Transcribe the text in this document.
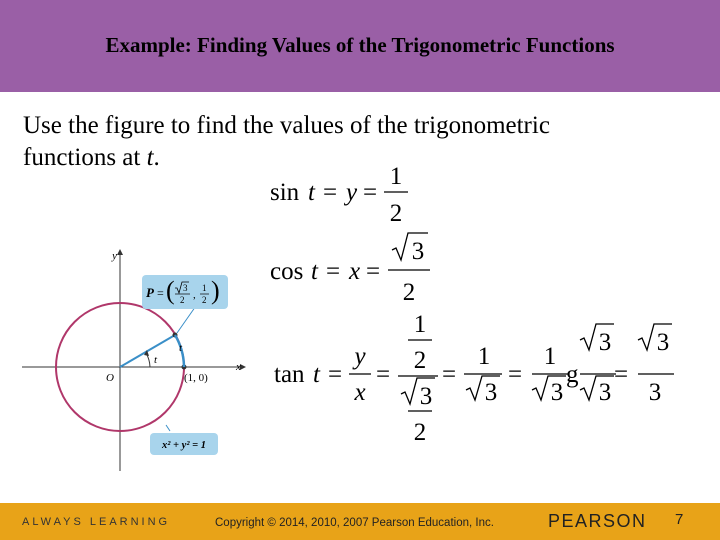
Example: Finding Values of the Trigonometric Functions
Use the figure to find the values of the trigonometric
functions at t.
y
x
O
t
t
(1, 0)
P = ( 3
2 ,
1
2 )
x² + y² = 1
sin t = y =
1
2
cos t = x =
3
2
tan t =
y
x
=
1
2
3
2
=
1
3
=
1
3
g
3
3
=
3
3
ALWAYS LEARNING	Copyright © 2014, 2010, 2007 Pearson Education, Inc.	PEARSON 7
